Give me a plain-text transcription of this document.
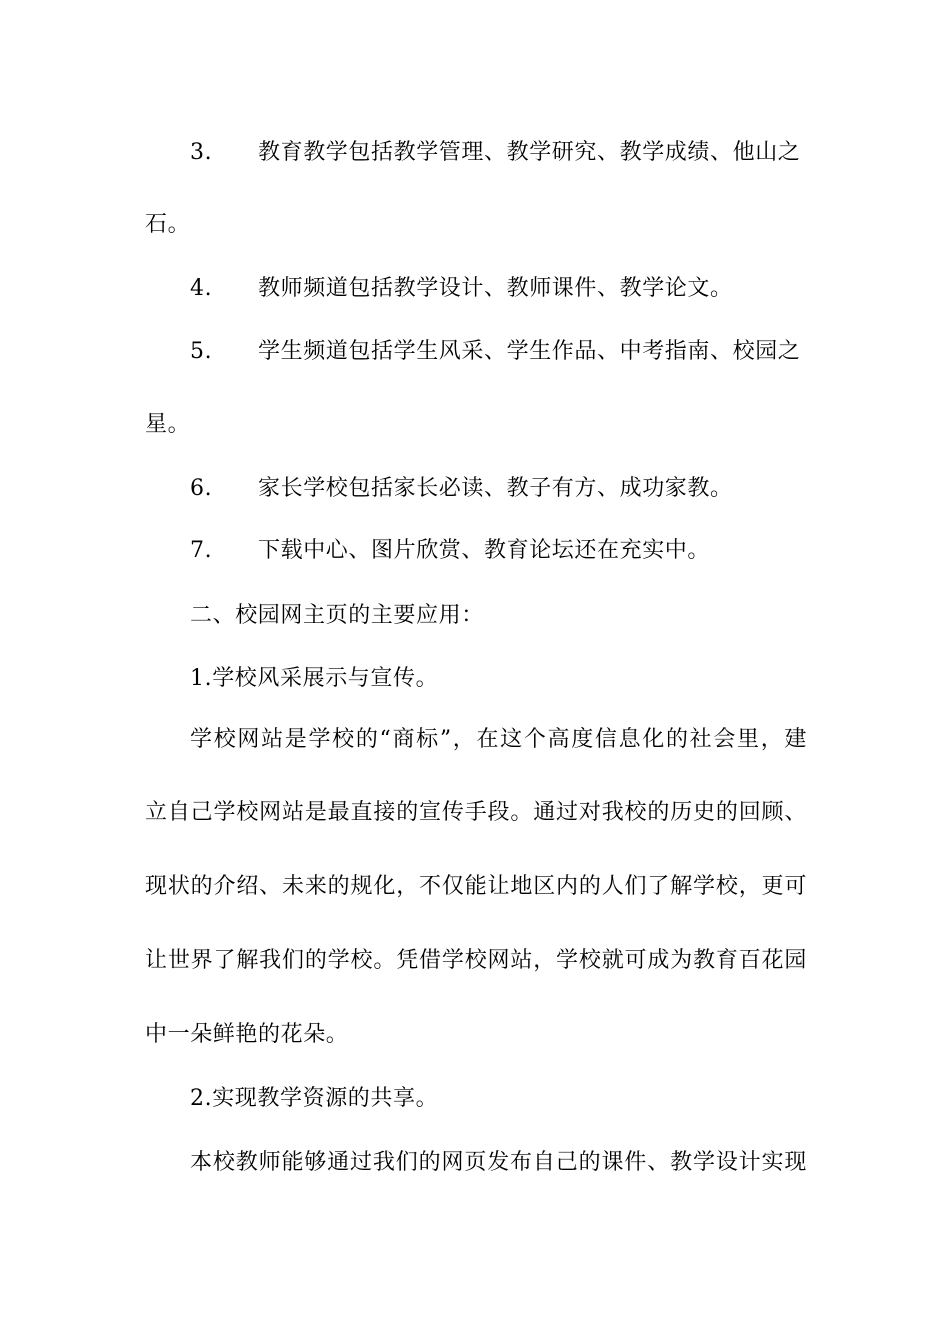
3. 教育教学包括教学管理、教学研究、教学成绩、他山之
石。
4. 教师频道包括教学设计、教师课件、教学论文。
5. 学生频道包括学生风采、学生作品、中考指南、校园之
星。
6. 家长学校包括家长必读、教子有方、成功家教。
7. 下载中心、图片欣赏、教育论坛还在充实中。
二、校园网主页的主要应用：
1.学校风采展示与宣传。
学校网站是学校的“商标”，在这个高度信息化的社会里，建
立自己学校网站是最直接的宣传手段。通过对我校的历史的回顾、
现状的介绍、未来的规化，不仅能让地区内的人们了解学校，更可
让世界了解我们的学校。凭借学校网站，学校就可成为教育百花园
中一朵鲜艳的花朵。
2.实现教学资源的共享。
本校教师能够通过我们的网页发布自己的课件、教学设计实现
